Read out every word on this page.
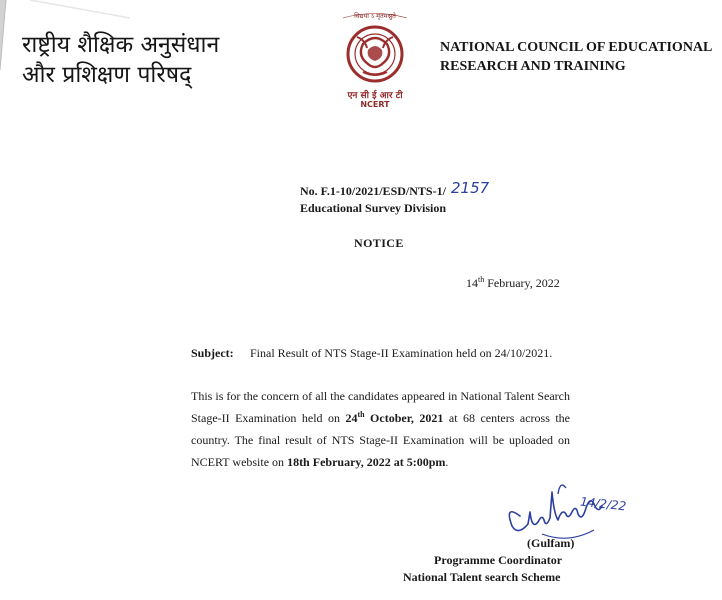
राष्ट्रीय शैक्षिक अनुसंधान
और प्रशिक्षण परिषद्
विद्यया ऽ मृतमश्नुते
एन सी ई आर टी
NCERT
NATIONAL COUNCIL OF EDUCATIONAL
RESEARCH AND TRAINING
No. F.1-10/2021/ESD/NTS-1/ 2157
Educational Survey Division
NOTICE
14th February, 2022
Subject: Final Result of NTS Stage-II Examination held on 24/10/2021.
This is for the concern of all the candidates appeared in National Talent Search Stage-II Examination held on 24th October, 2021 at 68 centers across the country. The final result of NTS Stage-II Examination will be uploaded on NCERT website on 18th February, 2022 at 5:00pm.
14/2/22
(Gulfam)
Programme Coordinator
National Talent search Scheme
